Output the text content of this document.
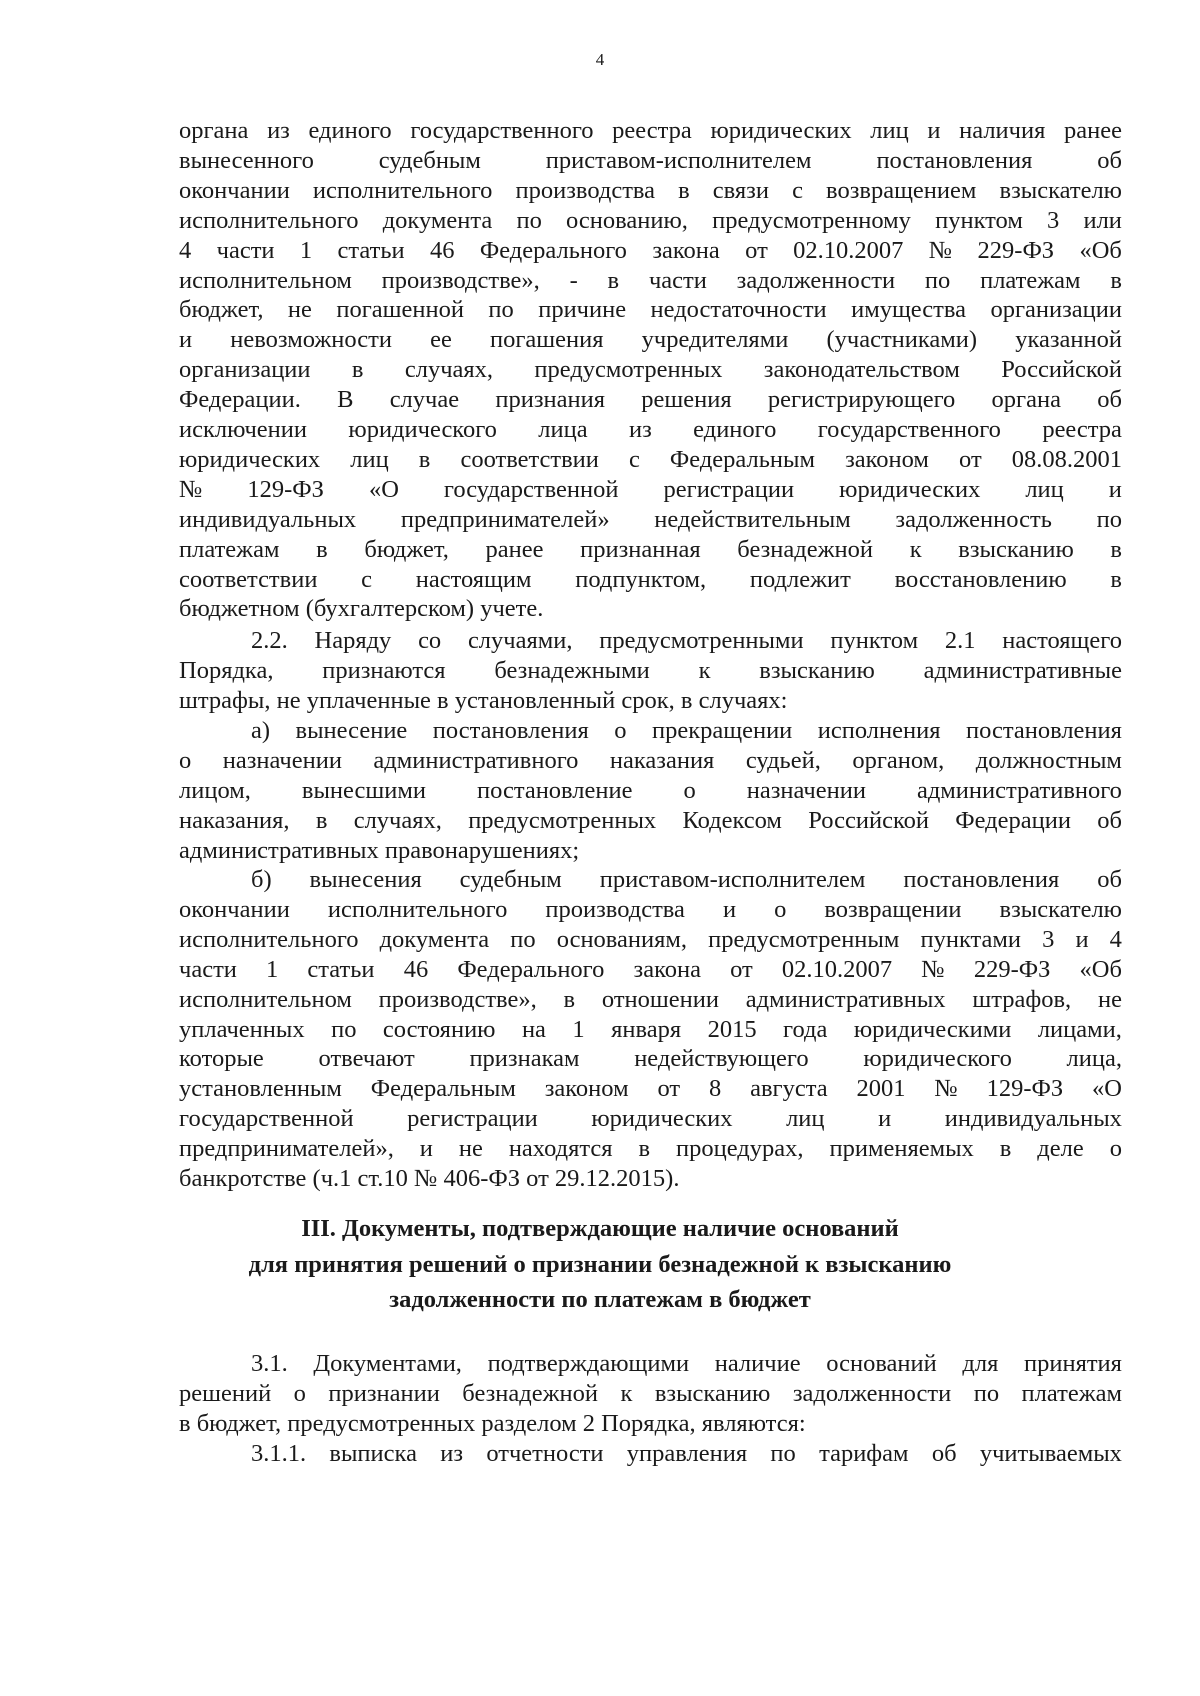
4
органа из единого государственного реестра юридических лиц и наличия ранее
вынесенного	судебным	приставом-исполнителем	постановления	об
окончании исполнительного производства в связи с возвращением взыскателю
исполнительного документа по основанию, предусмотренному пунктом 3 или
4 части 1 статьи 46 Федерального закона от 02.10.2007 № 229-ФЗ «Об
исполнительном производстве», - в части задолженности по платежам в
бюджет, не погашенной по причине недостаточности имущества организации
и невозможности ее погашения учредителями (участниками) указанной
организации в случаях, предусмотренных законодательством Российской
Федерации. В случае признания решения регистрирующего органа об
исключении юридического лица из единого государственного реестра
юридических лиц в соответствии с Федеральным законом от 08.08.2001
№ 129-ФЗ «О государственной регистрации юридических лиц и
индивидуальных предпринимателей» недействительным задолженность по
платежам в бюджет, ранее признанная безнадежной к взысканию в
соответствии с настоящим подпунктом, подлежит восстановлению в
бюджетном (бухгалтерском) учете.
2.2. Наряду со случаями, предусмотренными пунктом 2.1 настоящего
Порядка, признаются безнадежными к взысканию административные
штрафы, не уплаченные в установленный срок, в случаях:
а) вынесение постановления о прекращении исполнения постановления
о назначении административного наказания судьей, органом, должностным
лицом, вынесшими постановление о назначении административного
наказания, в случаях, предусмотренных Кодексом Российской Федерации об
административных правонарушениях;
б) вынесения судебным приставом-исполнителем постановления об
окончании исполнительного производства и о возвращении взыскателю
исполнительного документа по основаниям, предусмотренным пунктами 3 и 4
части 1 статьи 46 Федерального закона от 02.10.2007 № 229-ФЗ «Об
исполнительном производстве», в отношении административных штрафов, не
уплаченных по состоянию на 1 января 2015 года юридическими лицами,
которые отвечают признакам недействующего юридического лица,
установленным Федеральным законом от 8 августа 2001 № 129-ФЗ «О
государственной регистрации юридических лиц и индивидуальных
предпринимателей», и не находятся в процедурах, применяемых в деле о
банкротстве (ч.1 ст.10 № 406-ФЗ от 29.12.2015).
3.1. Документами, подтверждающими наличие оснований для принятия
решений о признании безнадежной к взысканию задолженности по платежам
в бюджет, предусмотренных разделом 2 Порядка, являются:
3.1.1. выписка из отчетности управления по тарифам об учитываемых
III. Документы, подтверждающие наличие оснований
для принятия решений о признании безнадежной к взысканию
задолженности по платежам в бюджет
